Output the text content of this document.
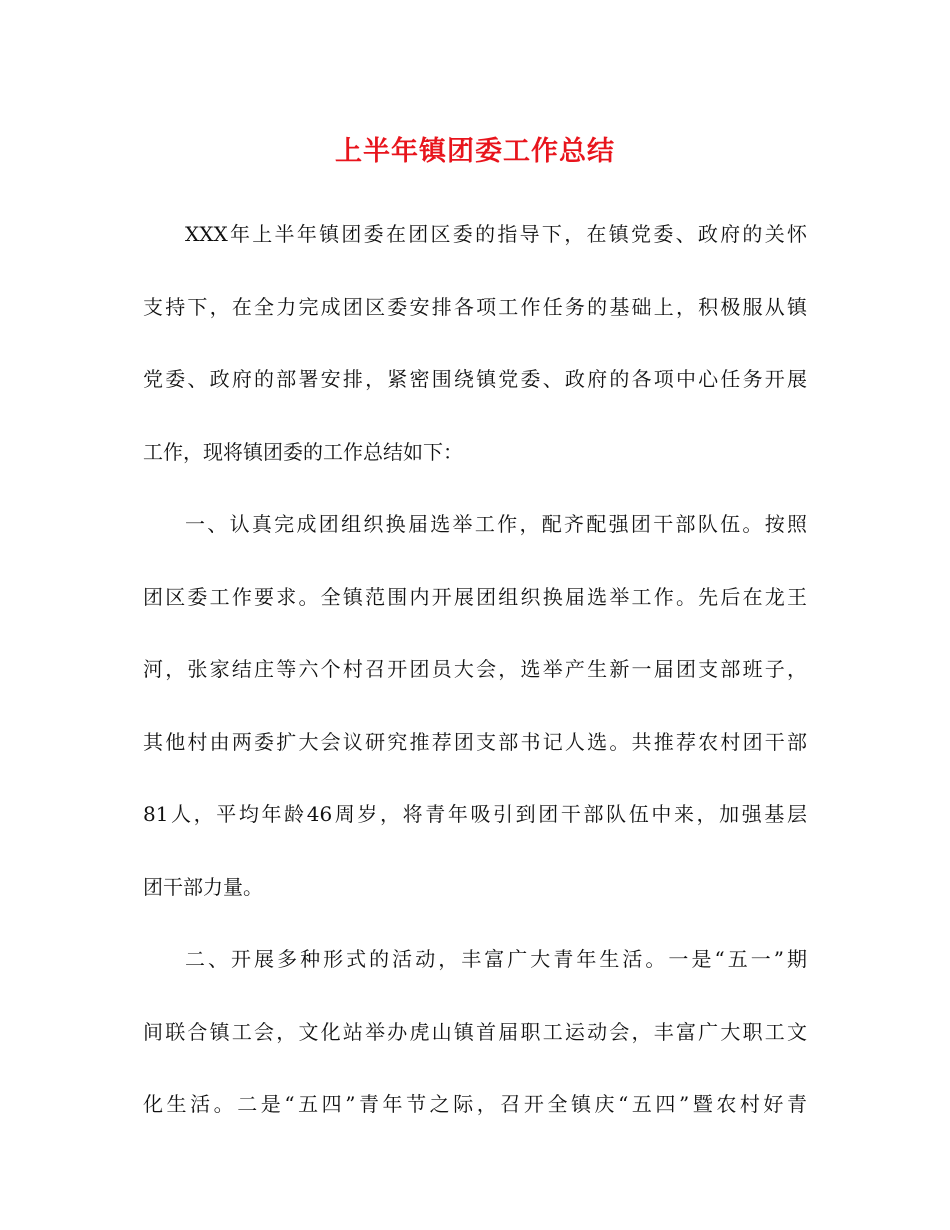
上半年镇团委工作总结
XXX年上半年镇团委在团区委的指导下，在镇党委、政府的关怀
支持下，在全力完成团区委安排各项工作任务的基础上，积极服从镇
党委、政府的部署安排，紧密围绕镇党委、政府的各项中心任务开展
工作，现将镇团委的工作总结如下：
一、认真完成团组织换届选举工作，配齐配强团干部队伍。按照
团区委工作要求。全镇范围内开展团组织换届选举工作。先后在龙王
河，张家结庄等六个村召开团员大会，选举产生新一届团支部班子，
其他村由两委扩大会议研究推荐团支部书记人选。共推荐农村团干部
81人，平均年龄46周岁，将青年吸引到团干部队伍中来，加强基层
团干部力量。
二、开展多种形式的活动，丰富广大青年生活。一是“五一”期
间联合镇工会，文化站举办虎山镇首届职工运动会，丰富广大职工文
化生活。二是“五四”青年节之际，召开全镇庆“五四”暨农村好青
